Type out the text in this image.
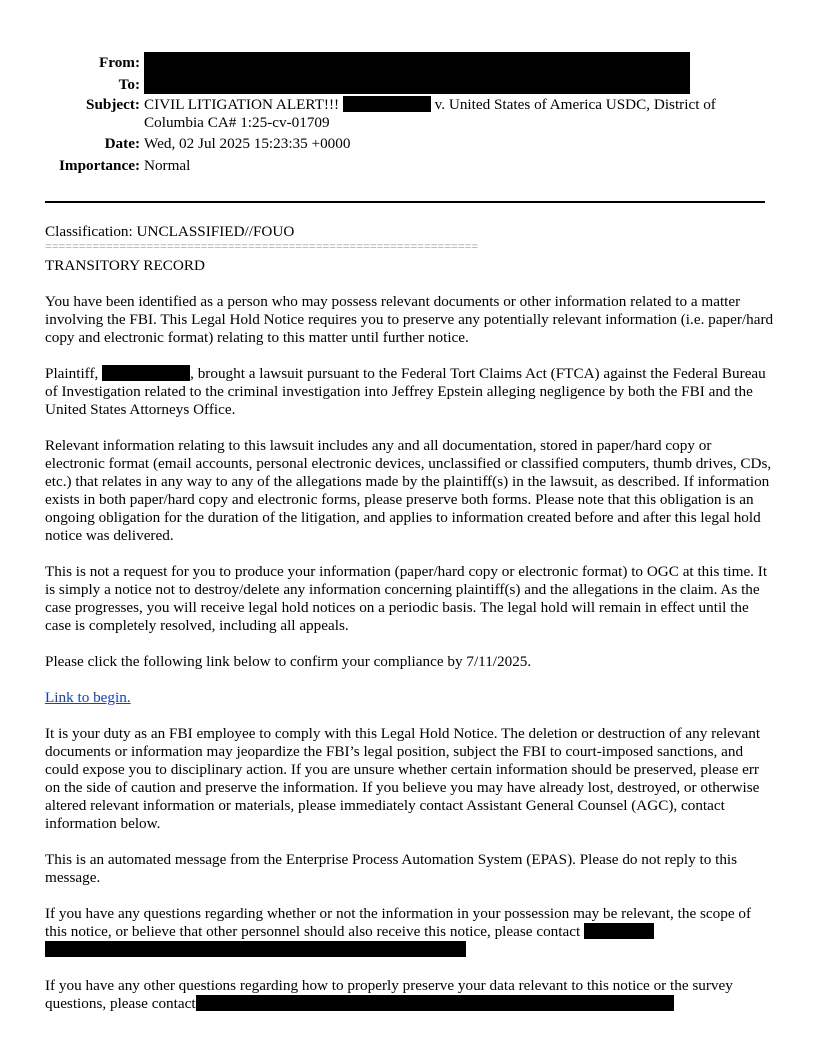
From:
To:
Subject: CIVIL LITIGATION ALERT!!!	v. United States of America USDC, District of Columbia CA# 1:25-cv-01709
Date: Wed, 02 Jul 2025 15:23:35 +0000
Importance: Normal

Classification: UNCLASSIFIED//FOUO

================================================================

TRANSITORY RECORD

You have been identified as a person who may possess relevant documents or other information related to a matter involving the FBI. This Legal Hold Notice requires you to preserve any potentially relevant information (i.e. paper/hard copy and electronic format) relating to this matter until further notice.

Plaintiff,	, brought a lawsuit pursuant to the Federal Tort Claims Act (FTCA) against the Federal Bureau of Investigation related to the criminal investigation into Jeffrey Epstein alleging negligence by both the FBI and the United States Attorneys Office.

Relevant information relating to this lawsuit includes any and all documentation, stored in paper/hard copy or electronic format (email accounts, personal electronic devices, unclassified or classified computers, thumb drives, CDs, etc.) that relates in any way to any of the allegations made by the plaintiff(s) in the lawsuit, as described. If information exists in both paper/hard copy and electronic forms, please preserve both forms. Please note that this obligation is an ongoing obligation for the duration of the litigation, and applies to information created before and after this legal hold notice was delivered.

This is not a request for you to produce your information (paper/hard copy or electronic format) to OGC at this time. It is simply a notice not to destroy/delete any information concerning plaintiff(s) and the allegations in the claim. As the case progresses, you will receive legal hold notices on a periodic basis. The legal hold will remain in effect until the case is completely resolved, including all appeals.

Please click the following link below to confirm your compliance by 7/11/2025.

Link to begin.

It is your duty as an FBI employee to comply with this Legal Hold Notice. The deletion or destruction of any relevant documents or information may jeopardize the FBI’s legal position, subject the FBI to court-imposed sanctions, and could expose you to disciplinary action. If you are unsure whether certain information should be preserved, please err on the side of caution and preserve the information. If you believe you may have already lost, destroyed, or otherwise altered relevant information or materials, please immediately contact Assistant General Counsel (AGC), contact information below.

This is an automated message from the Enterprise Process Automation System (EPAS). Please do not reply to this message.

If you have any questions regarding whether or not the information in your possession may be relevant, the scope of this notice, or believe that other personnel should also receive this notice, please contact

If you have any other questions regarding how to properly preserve your data relevant to this notice or the survey questions, please contact
